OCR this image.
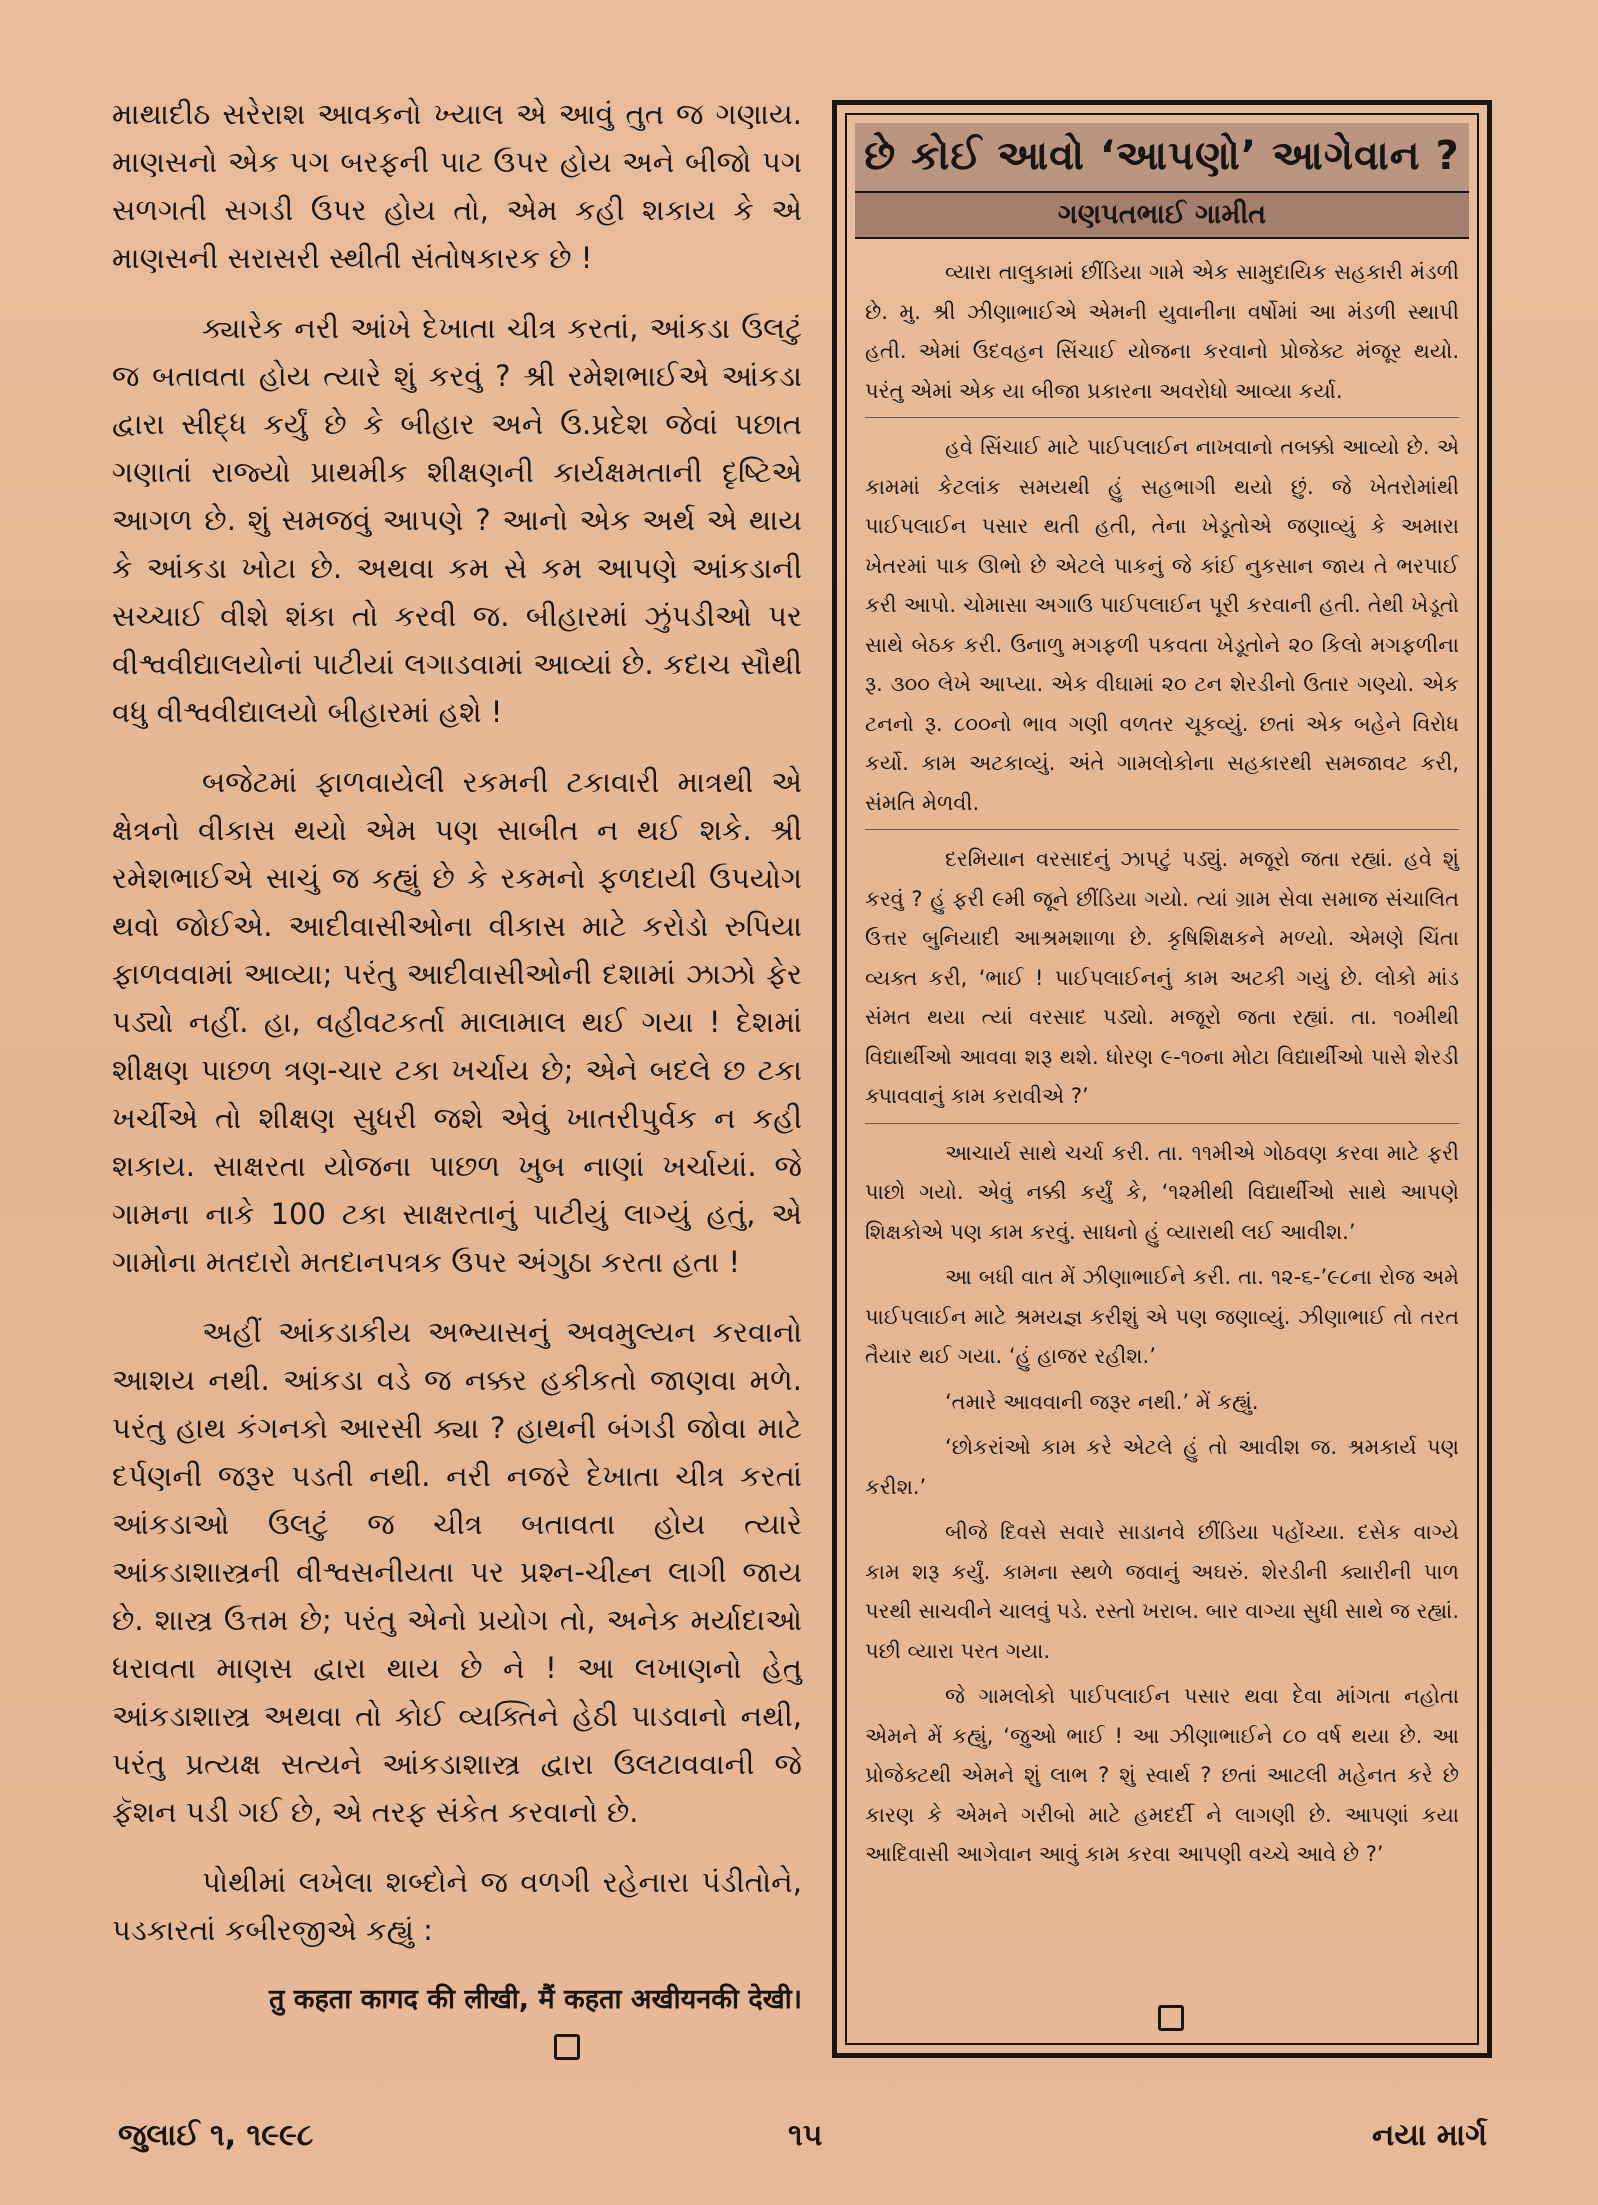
માથાદીઠ સરેરાશ આવકનો ખ્યાલ એ આવું તુત જ ગણાય. માણસનો એક પગ બરફની પાટ ઉપર હોય અને બીજો પગ સળગતી સગડી ઉપર હોય તો, એમ કહી શકાય કે એ માણસની સરાસરી સ્થીતી સંતોષકારક છે !

ક્યારેક નરી આંખે દેખાતા ચીત્ર કરતાં, આંકડા ઉલટું જ બતાવતા હોય ત્યારે શું કરવું ? શ્રી રમેશભાઈએ આંકડા દ્વારા સીદ્ધ કર્યું છે કે બીહાર અને ઉ.પ્રદેશ જેવાં પછાત ગણાતાં રાજ્યો પ્રાથમીક શીક્ષણની કાર્યક્ષમતાની દૃષ્ટિએ આગળ છે. શું સમજવું આપણે ? આનો એક અર્થ એ થાય કે આંકડા ખોટા છે. અથવા કમ સે કમ આપણે આંકડાની સચ્ચાઈ વીશે શંકા તો કરવી જ. બીહારમાં ઝુંપડીઓ પર વીશ્વવીદ્યાલયોનાં પાટીયાં લગાડવામાં આવ્યાં છે. કદાચ સૌથી વધુ વીશ્વવીદ્યાલયો બીહારમાં હશે !

બજેટમાં ફાળવાયેલી રકમની ટકાવારી માત્રથી એ ક્ષેત્રનો વીકાસ થયો એમ પણ સાબીત ન થઈ શકે. શ્રી રમેશભાઈએ સાચું જ કહ્યું છે કે રકમનો ફળદાયી ઉપયોગ થવો જોઈએ. આદીવાસીઓના વીકાસ માટે કરોડો રુપિયા ફાળવવામાં આવ્યા; પરંતુ આદીવાસીઓની દશામાં ઝાઝો ફેર પડ્યો નહીં. હા, વહીવટકર્તા માલામાલ થઈ ગયા ! દેશમાં શીક્ષણ પાછળ ત્રણ-ચાર ટકા ખર્ચાય છે; એને બદલે છ ટકા ખર્ચીએ તો શીક્ષણ સુધરી જશે એવું ખાતરીપુર્વક ન કહી શકાય. સાક્ષરતા યોજના પાછળ ખુબ નાણાં ખર્ચાયાં. જે ગામના નાકે 100 ટકા સાક્ષરતાનું પાટીયું લાગ્યું હતું, એ ગામોના મતદારો મતદાનપત્રક ઉપર અંગુઠા કરતા હતા !

અહીં આંકડાકીય અભ્યાસનું અવમુલ્યન કરવાનો આશય નથી. આંકડા વડે જ નક્કર હકીકતો જાણવા મળે. પરંતુ હાથ કંગનકો આરસી ક્યા ? હાથની બંગડી જોવા માટે દર્પણની જરૂર પડતી નથી. નરી નજરે દેખાતા ચીત્ર કરતાં આંકડાઓ ઉલટું જ ચીત્ર બતાવતા હોય ત્યારે આંકડાશાસ્ત્રની વીશ્વસનીયતા પર પ્રશ્ન-ચીહ્ન લાગી જાય છે. શાસ્ત્ર ઉત્તમ છે; પરંતુ એનો પ્રયોગ તો, અનેક મર્યાદાઓ ધરાવતા માણસ દ્વારા થાય છે ને ! આ લખાણનો હેતુ આંકડાશાસ્ત્ર અથવા તો કોઈ વ્યક્તિને હેઠી પાડવાનો નથી, પરંતુ પ્રત્યક્ષ સત્યને આંકડાશાસ્ત્ર દ્વારા ઉલટાવવાની જે ફૅશન પડી ગઈ છે, એ તરફ સંકેત કરવાનો છે.

પોથીમાં લખેલા શબ્દોને જ વળગી રહેનારા પંડીતોને, પડકારતાં કબીરજીએ કહ્યું :

तु कहता कागद की लीखी, मैं कहता अखीयनकी देखी।
છે કોઈ આવો ‘આપણો’ આગેવાન ?
ગણપતભાઈ ગામીત

વ્યારા તાલુકામાં છીંડિયા ગામે એક સામુદાયિક સહકારી મંડળી છે. મુ. શ્રી ઝીણાભાઈએ એમની યુવાનીના વર્ષોમાં આ મંડળી સ્થાપી હતી. એમાં ઉદવહન સિંચાઈ યોજના કરવાનો પ્રોજેક્ટ મંજૂર થયો. પરંતુ એમાં એક યા બીજા પ્રકારના અવરોધો આવ્યા કર્યા.

હવે સિંચાઈ માટે પાઈપલાઈન નાખવાનો તબક્કો આવ્યો છે. એ કામમાં કેટલાંક સમયથી હું સહભાગી થયો છું. જે ખેતરોમાંથી પાઈપલાઈન પસાર થતી હતી, તેના ખેડૂતોએ જણાવ્યું કે અમારા ખેતરમાં પાક ઊભો છે એટલે પાકનું જે કાંઈ નુકસાન જાય તે ભરપાઈ કરી આપો. ચોમાસા અગાઉ પાઈપલાઈન પૂરી કરવાની હતી. તેથી ખેડૂતો સાથે બેઠક કરી. ઉનાળુ મગફળી પકવતા ખેડૂતોને ૨૦ કિલો મગફળીના રૂ. ૩૦૦ લેખે આપ્યા. એક વીઘામાં ૨૦ ટન શેરડીનો ઉતાર ગણ્યો. એક ટનનો રૂ. ૮૦૦નો ભાવ ગણી વળતર ચૂકવ્યું. છતાં એક બહેને વિરોધ કર્યો. કામ અટકાવ્યું. અંતે ગામલોકોના સહકારથી સમજાવટ કરી, સંમતિ મેળવી.

દરમિયાન વરસાદનું ઝાપટું પડ્યું. મજૂરો જતા રહ્યાં. હવે શું કરવું ? હું ફરી ૯મી જૂને છીંડિયા ગયો. ત્યાં ગ્રામ સેવા સમાજ સંચાલિત ઉત્તર બુનિયાદી આશ્રમશાળા છે. કૃષિશિક્ષકને મળ્યો. એમણે ચિંતા વ્યક્ત કરી, ‘ભાઈ ! પાઈપલાઈનનું કામ અટકી ગયું છે. લોકો માંડ સંમત થયા ત્યાં વરસાદ પડ્યો. મજૂરો જતા રહ્યાં. તા. ૧૦મીથી વિદ્યાર્થીઓ આવવા શરૂ થશે. ધોરણ ૯-૧૦ના મોટા વિદ્યાર્થીઓ પાસે શેરડી ક્પાવવાનું કામ કરાવીએ ?’

આચાર્ય સાથે ચર્ચા કરી. તા. ૧૧મીએ ગોઠવણ કરવા માટે ફરી પાછો ગયો. એવું નક્કી કર્યું કે, ‘૧૨મીથી વિદ્યાર્થીઓ સાથે આપણે શિક્ષકોએ પણ કામ કરવું. સાધનો હું વ્યારાથી લઈ આવીશ.’

આ બધી વાત મેં ઝીણાભાઈને કરી. તા. ૧૨-૬-’૯૮ના રોજ અમે પાઈપલાઈન માટે શ્રમયજ્ઞ કરીશું એ પણ જણાવ્યું. ઝીણાભાઈ તો તરત તૈયાર થઈ ગયા. ‘હું હાજર રહીશ.’

‘તમારે આવવાની જરૂર નથી.’ મેં કહ્યું.

‘છોકરાંઓ કામ કરે એટલે હું તો આવીશ જ. શ્રમકાર્ય પણ કરીશ.’

બીજે દિવસે સવારે સાડાનવે છીંડિયા પહોંચ્યા. દસેક વાગ્યે કામ શરૂ કર્યું. કામના સ્થળે જવાનું અઘરું. શેરડીની ક્યારીની પાળ પરથી સાચવીને ચાલવું પડે. રસ્તો ખરાબ. બાર વાગ્યા સુધી સાથે જ રહ્યાં. પછી વ્યારા પરત ગયા.

જે ગામલોકો પાઈપલાઈન પસાર થવા દેવા માંગતા નહોતા એમને મેં કહ્યું, ‘જુઓ ભાઈ ! આ ઝીણાભાઈને ૮૦ વર્ષ થયા છે. આ પ્રોજેક્ટથી એમને શું લાભ ? શું સ્વાર્થ ? છતાં આટલી મહેનત કરે છે કારણ કે એમને ગરીબો માટે હમદર્દી ને લાગણી છે. આપણાં કયા આદિવાસી આગેવાન આવું કામ કરવા આપણી વચ્ચે આવે છે ?’

જુલાઈ ૧, ૧૯૯૮	૧૫	નયા માર્ગ
